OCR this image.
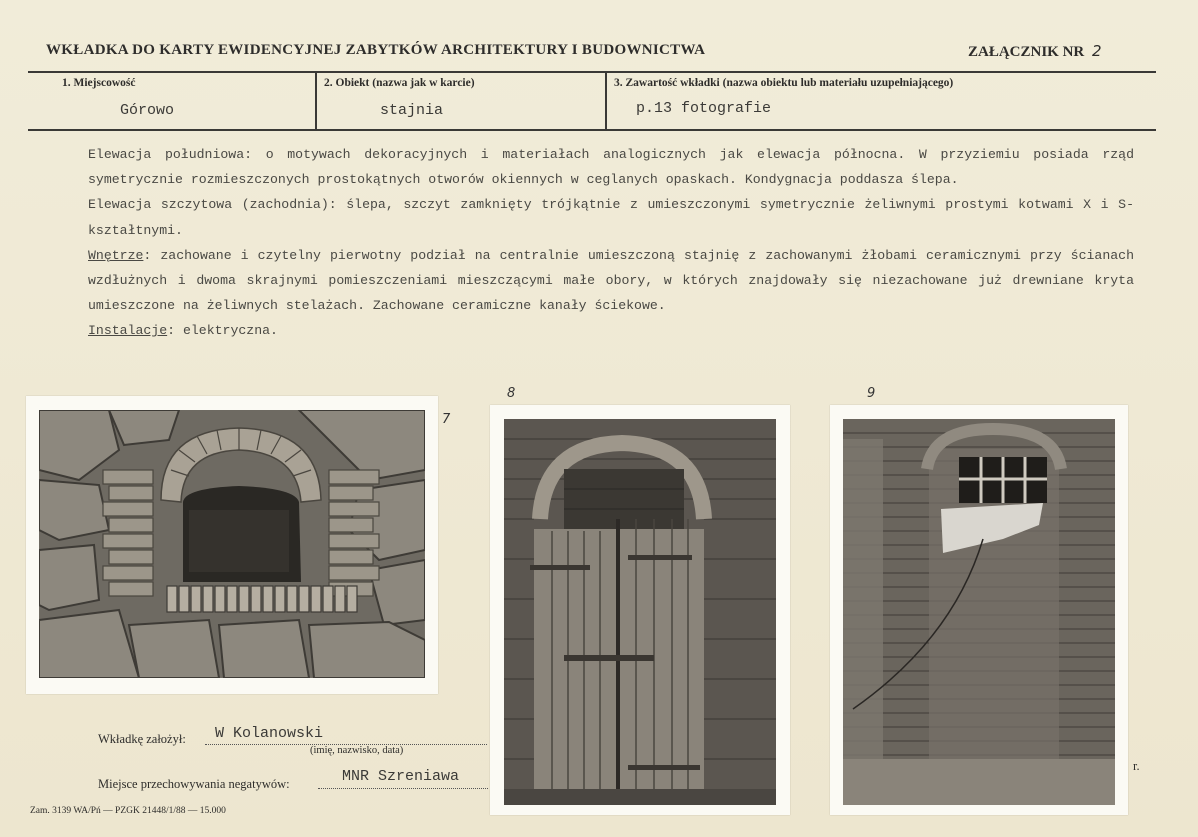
WKŁADKA DO KARTY EWIDENCYJNEJ ZABYTKÓW ARCHITEKTURY I BUDOWNICTWA	ZAŁĄCZNIK NR 2
1. Miejscowość	2. Obiekt (nazwa jak w karcie)	3. Zawartość wkładki (nazwa obiektu lub materiału uzupełniającego)
Górowo	stajnia	p.13 fotografie

Elewacja południowa: o motywach dekoracyjnych i materiałach analogicznych jak elewacja północna. W przyziemiu posiada rząd symetrycznie rozmieszczonych prostokątnych otworów okiennych w ceglanych opaskach. Kondygnacja poddasza ślepa.

Elewacja szczytowa (zachodnia): ślepa, szczyt zamknięty trójkątnie z umieszczonymi symetrycznie żeliwnymi prostymi kotwami X i S-kształtnymi.

Wnętrze: zachowane i czytelny pierwotny podział na centralnie umieszczoną stajnię z zachowanymi żłobami ceramicznymi przy ścianach wzdłużnych i dwoma skrajnymi pomieszczeniami mieszczącymi małe obory, w których znajdowały się niezachowane już drewniane kryta umieszczone na żeliwnych stelażach. Zachowane ceramiczne kanały ściekowe.

Instalacje: elektryczna.

7
8	9
Wkładkę założył: W Kolanowski
(imię, nazwisko, data)
Miejsce przechowywania negatywów:	MNR Szreniawa
r.
Zam. 3139 WA/Pń — PZGK 21448/1/88 — 15.000
